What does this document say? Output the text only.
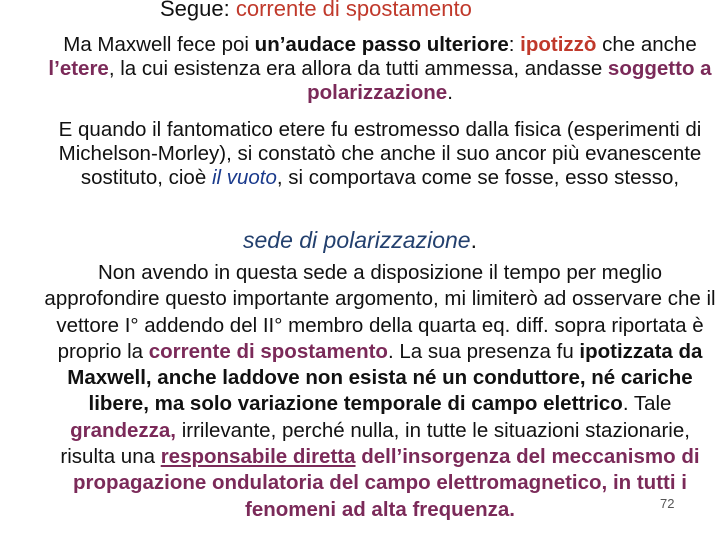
Segue: corrente di spostamento
Ma Maxwell fece poi un’audace passo ulteriore: ipotizzò che anche l’etere, la cui esistenza era allora da tutti ammessa, andasse soggetto a polarizzazione.
E quando il fantomatico etere fu estromesso dalla fisica (esperimenti di Michelson-Morley), si constatò che anche il suo ancor più evanescente sostituto, cioè il vuoto, si comportava come se fosse, esso stesso,
sede di polarizzazione.
Non avendo in questa sede a disposizione il tempo per meglio approfondire questo importante argomento, mi limiterò ad osservare che il vettore I° addendo del II° membro della quarta eq. diff. sopra riportata è proprio la corrente di spostamento. La sua presenza fu ipotizzata da Maxwell, anche laddove non esista né un conduttore, né cariche libere, ma solo variazione temporale di campo elettrico. Tale grandezza, irrilevante, perché nulla, in tutte le situazioni stazionarie, risulta una responsabile diretta dell’insorgenza del meccanismo di propagazione ondulatoria del campo elettromagnetico, in tutti i fenomeni ad alta frequenza.	72
